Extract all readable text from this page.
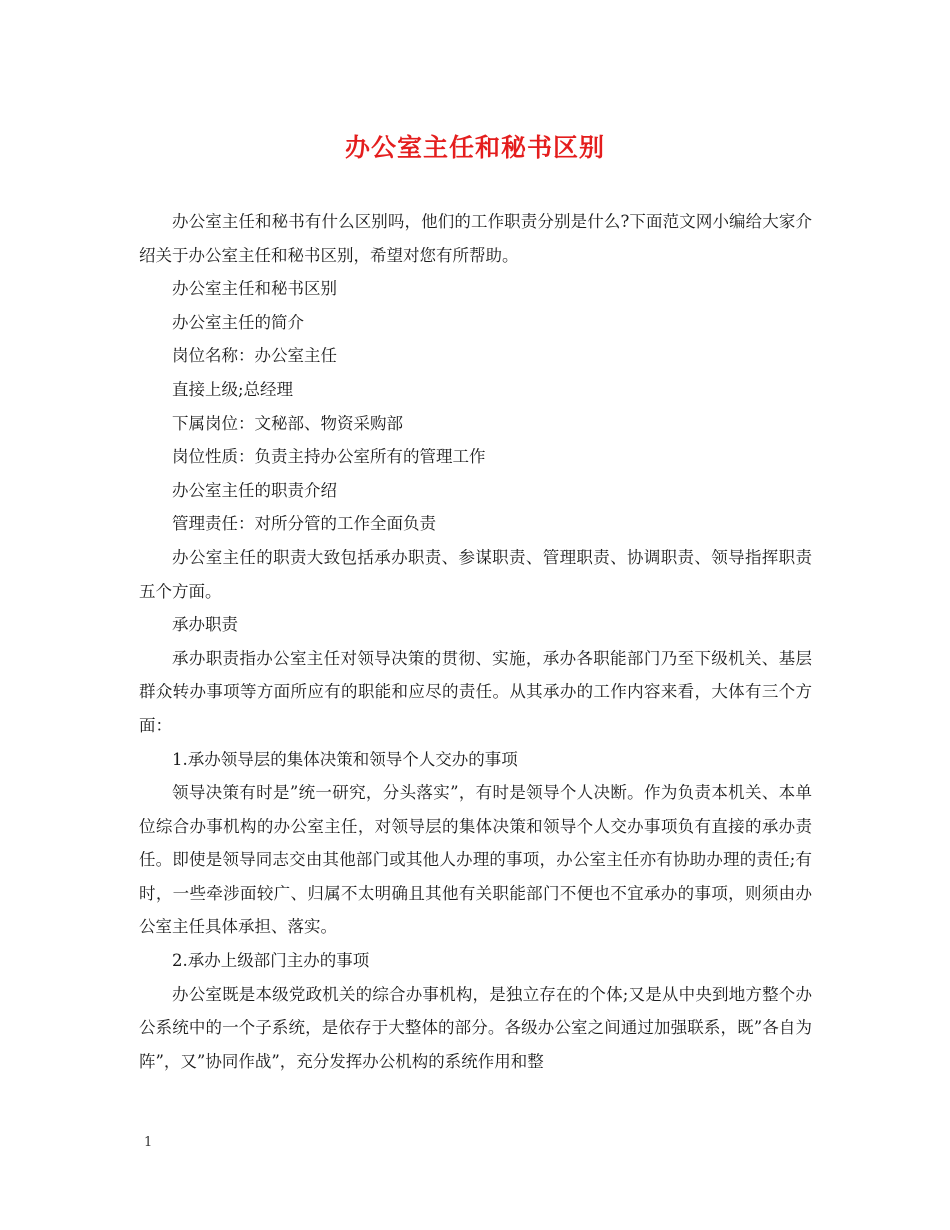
办公室主任和秘书区别

办公室主任和秘书有什么区别吗，他们的工作职责分别是什么?下面范文网小编给大家介绍关于办公室主任和秘书区别，希望对您有所帮助。

办公室主任和秘书区别

办公室主任的简介

岗位名称：办公室主任

直接上级;总经理

下属岗位：文秘部、物资采购部

岗位性质：负责主持办公室所有的管理工作

办公室主任的职责介绍

管理责任：对所分管的工作全面负责

办公室主任的职责大致包括承办职责、参谋职责、管理职责、协调职责、领导指挥职责五个方面。

承办职责

承办职责指办公室主任对领导决策的贯彻、实施，承办各职能部门乃至下级机关、基层群众转办事项等方面所应有的职能和应尽的责任。从其承办的工作内容来看，大体有三个方面：

1.承办领导层的集体决策和领导个人交办的事项

领导决策有时是”统一研究，分头落实”，有时是领导个人决断。作为负责本机关、本单位综合办事机构的办公室主任，对领导层的集体决策和领导个人交办事项负有直接的承办责任。即使是领导同志交由其他部门或其他人办理的事项，办公室主任亦有协助办理的责任;有时，一些牵涉面较广、归属不太明确且其他有关职能部门不便也不宜承办的事项，则须由办公室主任具体承担、落实。

2.承办上级部门主办的事项

办公室既是本级党政机关的综合办事机构，是独立存在的个体;又是从中央到地方整个办公系统中的一个子系统，是依存于大整体的部分。各级办公室之间通过加强联系，既”各自为阵”，又”协同作战”，充分发挥办公机构的系统作用和整

1
